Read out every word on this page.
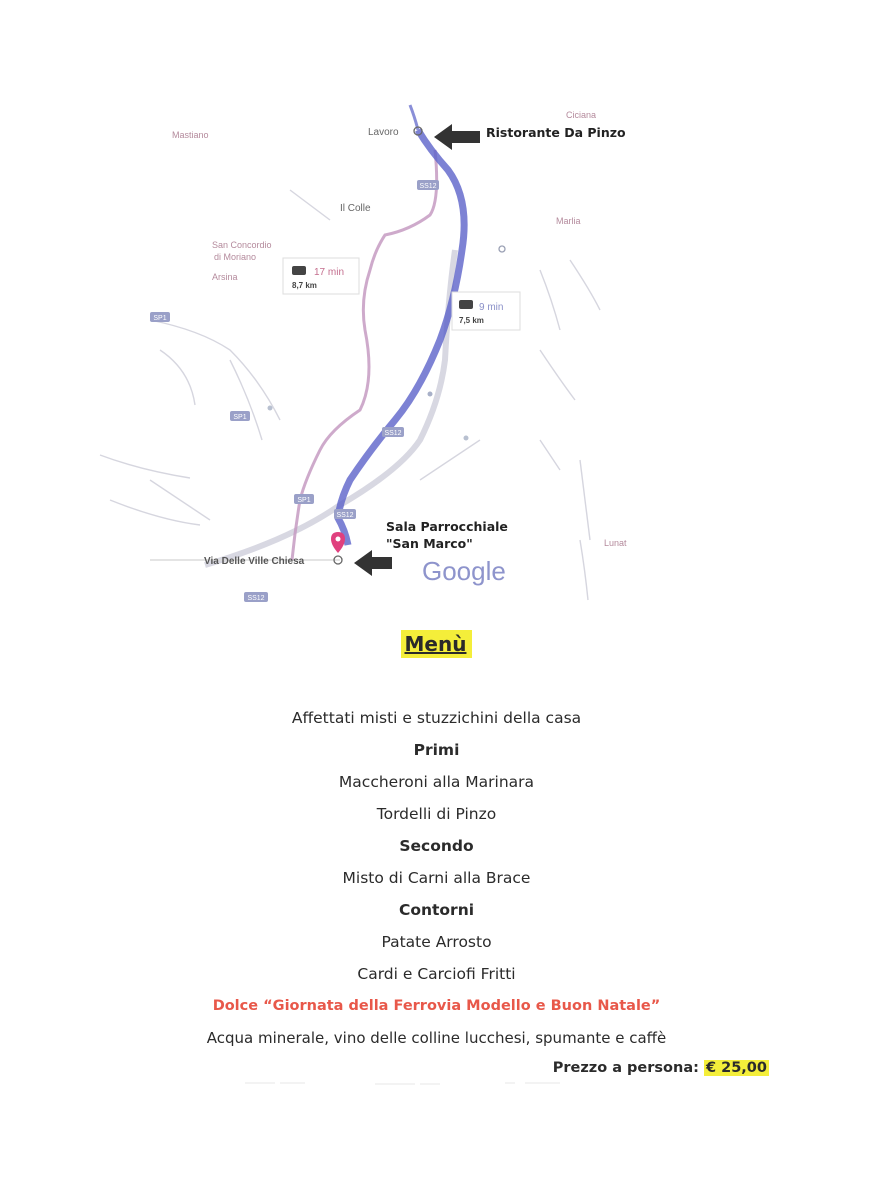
SS12
SS12
SS12
SS12
SP1
SP1
SP1
Mastiano
Ciciana
Marlia
San Concordio
di Moriano
Arsina
Lunat
Lavoro
Il Colle
Via Delle Ville Chiesa
17 min
8,7 km
9 min
7,5 km
Google
Ristorante Da Pinzo
Sala Parrocchiale
"San Marco"
Menù
Affettati misti e stuzzichini della casa
Primi
Maccheroni alla Marinara
Tordelli di Pinzo
Secondo
Misto di Carni alla Brace
Contorni
Patate Arrosto
Cardi e Carciofi Fritti
Dolce “Giornata della Ferrovia Modello e Buon Natale”
Acqua minerale, vino delle colline lucchesi, spumante e caffè
Prezzo a persona: € 25,00
